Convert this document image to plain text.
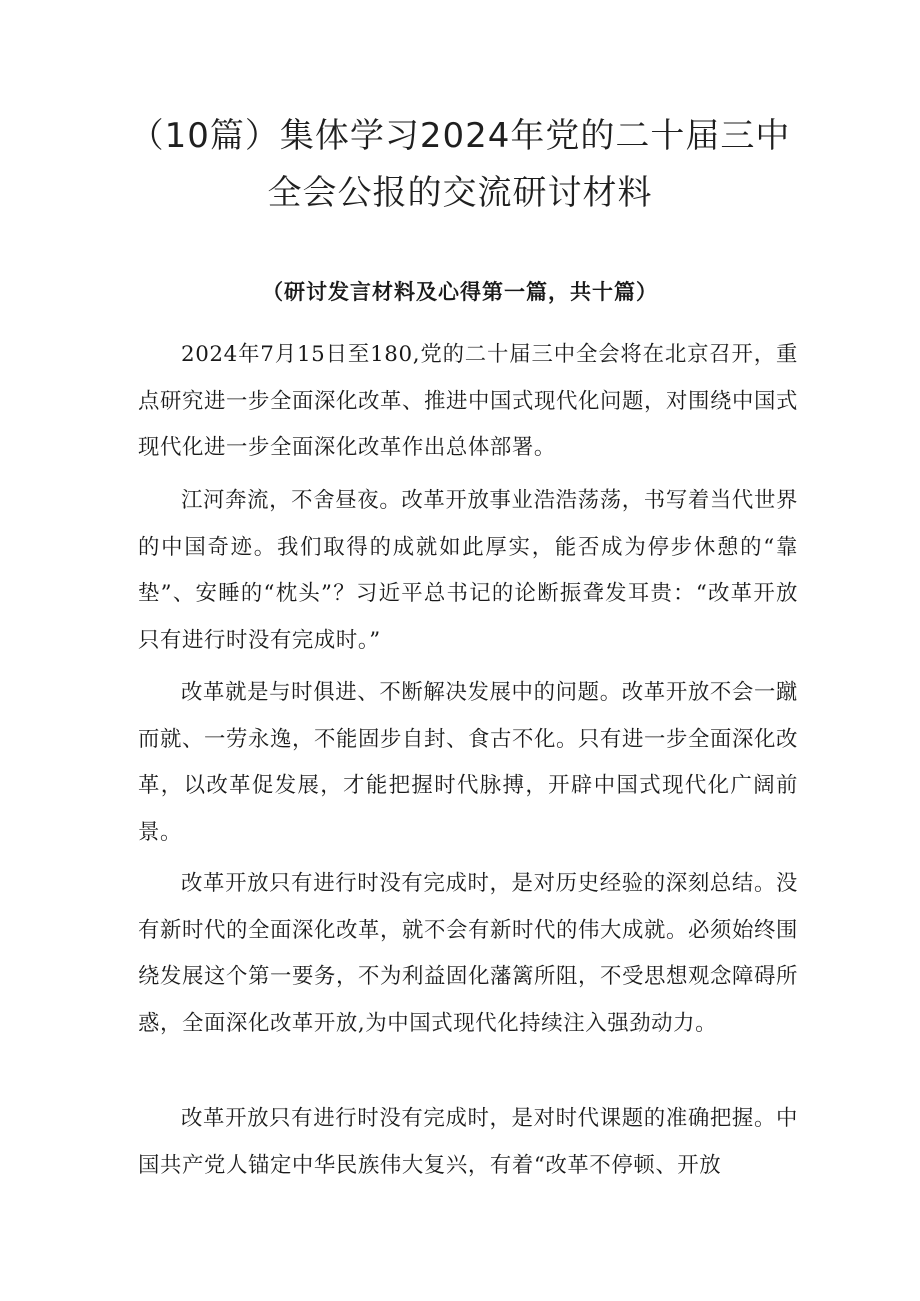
（10篇）集体学习2024年党的二十届三中
全会公报的交流研讨材料

（研讨发言材料及心得第一篇，共十篇）

2024年7月15日至180,党的二十届三中全会将在北京召开，重点研究进一步全面深化改革、推进中国式现代化问题，对围绕中国式现代化进一步全面深化改革作出总体部署。

江河奔流，不舍昼夜。改革开放事业浩浩荡荡，书写着当代世界的中国奇迹。我们取得的成就如此厚实，能否成为停步休憩的“靠垫”、安睡的“枕头”？习近平总书记的论断振聋发耳贵：“改革开放只有进行时没有完成时。”

改革就是与时俱进、不断解决发展中的问题。改革开放不会一蹴而就、一劳永逸，不能固步自封、食古不化。只有进一步全面深化改革，以改革促发展，才能把握时代脉搏，开辟中国式现代化广阔前景。

改革开放只有进行时没有完成时，是对历史经验的深刻总结。没有新时代的全面深化改革，就不会有新时代的伟大成就。必须始终围绕发展这个第一要务，不为利益固化藩篱所阻，不受思想观念障碍所惑，全面深化改革开放,为中国式现代化持续注入强劲动力。

改革开放只有进行时没有完成时，是对时代课题的准确把握。中国共产党人锚定中华民族伟大复兴，有着“改革不停顿、开放
